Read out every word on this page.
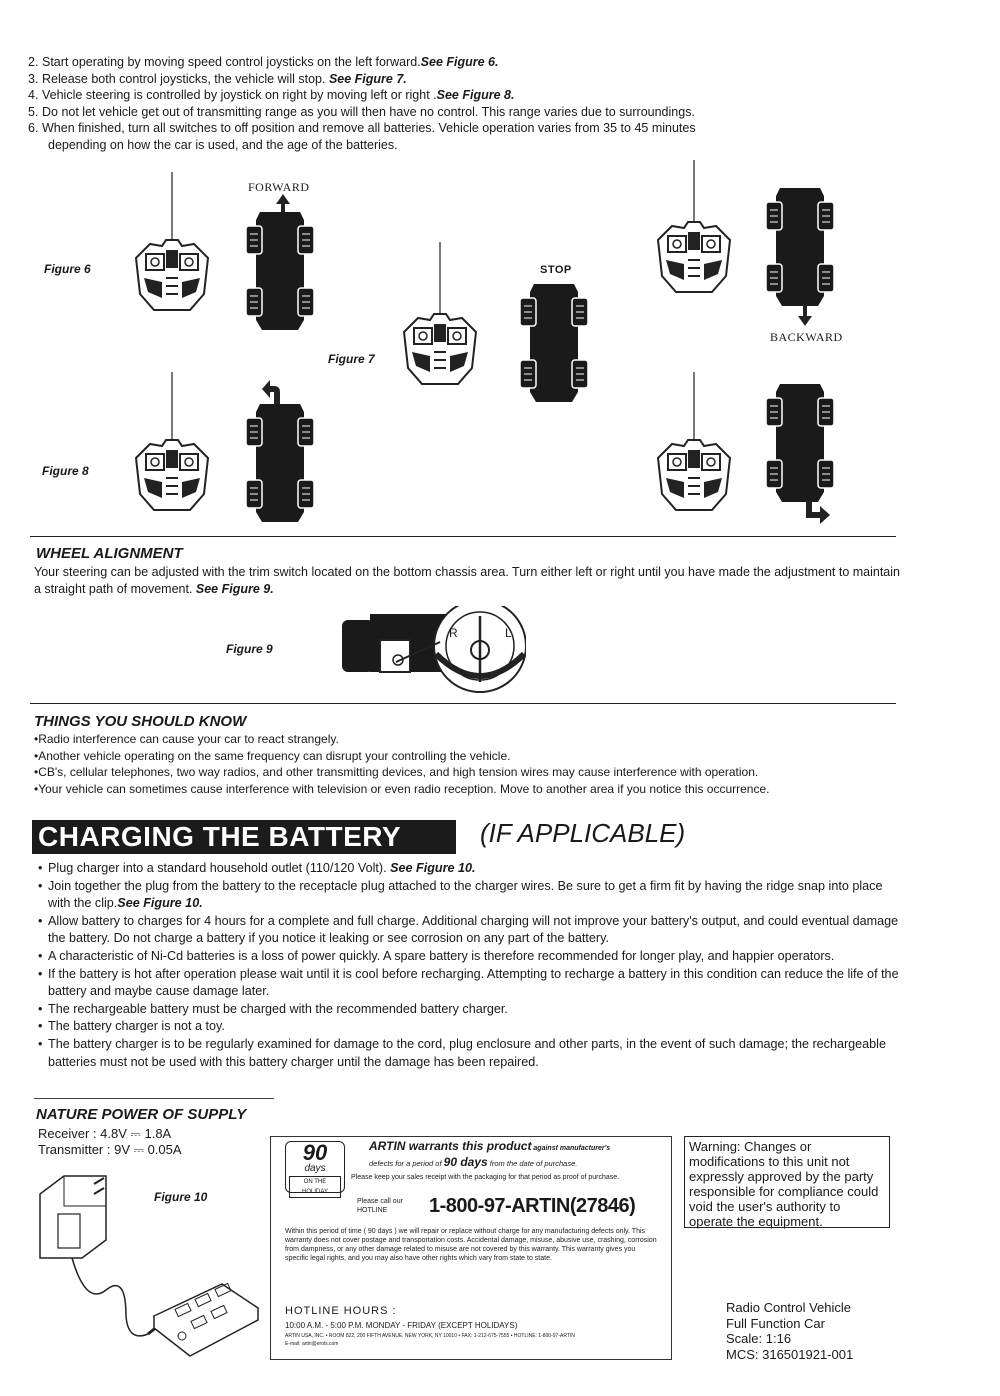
2. Start operating by moving speed control joysticks on the left forward.See Figure 6.
3. Release both control joysticks, the vehicle will stop. See Figure 7.
4. Vehicle steering is controlled by joystick on right by moving left or right .See Figure 8.
5. Do not let vehicle get out of transmitting range as you will then have no control. This range varies due to surroundings.
6. When finished, turn all switches to off position and remove all batteries. Vehicle operation varies from 35 to 45 minutes
depending on how the car is used, and the age of the batteries.
Figure 6
FORWARD
Figure 7
STOP
BACKWARD
Figure 8
WHEEL ALIGNMENT
Your steering can be adjusted with the trim switch located on the bottom chassis area. Turn either left or right until you have made the adjustment to maintain a straight path of movement. See Figure 9.
Figure 9
R	L
THINGS YOU SHOULD KNOW
• Radio interference can cause your car to react strangely.
• Another vehicle operating on the same frequency can disrupt your controlling the vehicle.
• CB's, cellular telephones, two way radios, and other transmitting devices, and high tension wires may cause interference with operation.
• Your vehicle can sometimes cause interference with television or even radio reception. Move to another area if you notice this occurrence.
CHARGING THE BATTERY	(IF APPLICABLE)
• Plug charger into a standard household outlet (110/120 Volt). See Figure 10.
• Join together the plug from the battery to the receptacle plug attached to the charger wires. Be sure to get a firm fit by having the ridge snap into place with the clip.See Figure 10.
• Allow battery to charges for 4 hours for a complete and full charge. Additional charging will not improve your battery's output, and could eventual damage the battery. Do not charge a battery if you notice it leaking or see corrosion on any part of the battery.
• A characteristic of Ni-Cd batteries is a loss of power quickly. A spare battery is therefore recommended for longer play, and happier operators.
• If the battery is hot after operation please wait until it is cool before recharging. Attempting to recharge a battery in this condition can reduce the life of the battery and maybe cause damage later.
• The rechargeable battery must be charged with the recommended battery charger.
• The battery charger is not a toy.
• The battery charger is to be regularly examined for damage to the cord, plug enclosure and other parts, in the event of such damage; the rechargeable batteries must not be used with this battery charger until the damage has been repaired.
NATURE POWER OF SUPPLY
Receiver : 4.8V ⎓ 1.8A
Transmitter : 9V ⎓ 0.05A
Figure 10
90
days
ON THE HOLIDAY
ARTIN warrants this product against manufacturer's
defects for a period of 90 days from the date of purchase.
Please keep your sales receipt with the packaging for that period as proof of purchase.
Please call our HOTLINE	1-800-97-ARTIN(27846)
Within this period of time ( 90 days ) we will repair or replace without charge for any manufacturing defects only. This warranty does not cover postage and transportation costs. Accidental damage, misuse, abusive use, crashing, corrosion from dampness, or any other damage related to misuse are not covered by this warranty. This warranty gives you specific legal rights, and you may also have other rights which vary from state to state.
HOTLINE HOURS :
10:00 A.M. - 5:00 P.M. MONDAY - FRIDAY (EXCEPT HOLIDAYS)
ARTIN USA, INC. • ROOM 822, 200 FIFTH AVENUE, NEW YORK, NY 10010 • FAX: 1-212-675-7555 • HOTLINE: 1-800-97-ARTIN
E-mail: artin@erols.com
Warning: Changes or modifications to this unit not expressly approved by the party responsible for compliance could void the user's authority to operate the equipment.
Radio Control Vehicle
Full Function Car
Scale: 1:16
MCS: 316501921-001
